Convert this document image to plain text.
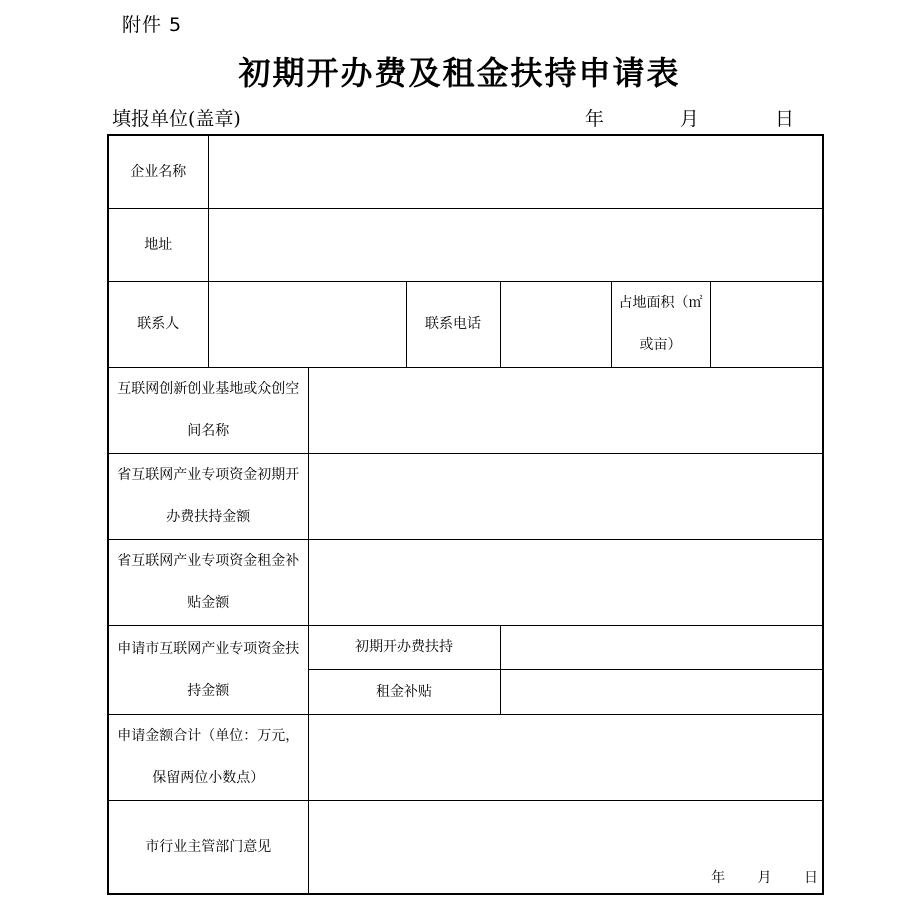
附件 5
初期开办费及租金扶持申请表
填报单位(盖章)	年	月	日
企业名称						
地址						
联系人			联系电话		占地面积（㎡或亩）	
互联网创新创业基地或众创空间名称						
省互联网产业专项资金初期开办费扶持金额						
省互联网产业专项资金租金补贴金额						
申请市互联网产业专项资金扶持金额		初期开办费扶持				
		租金补贴				
申请金额合计（单位：万元，保留两位小数点）						
市行业主管部门意见		年 月 日				
